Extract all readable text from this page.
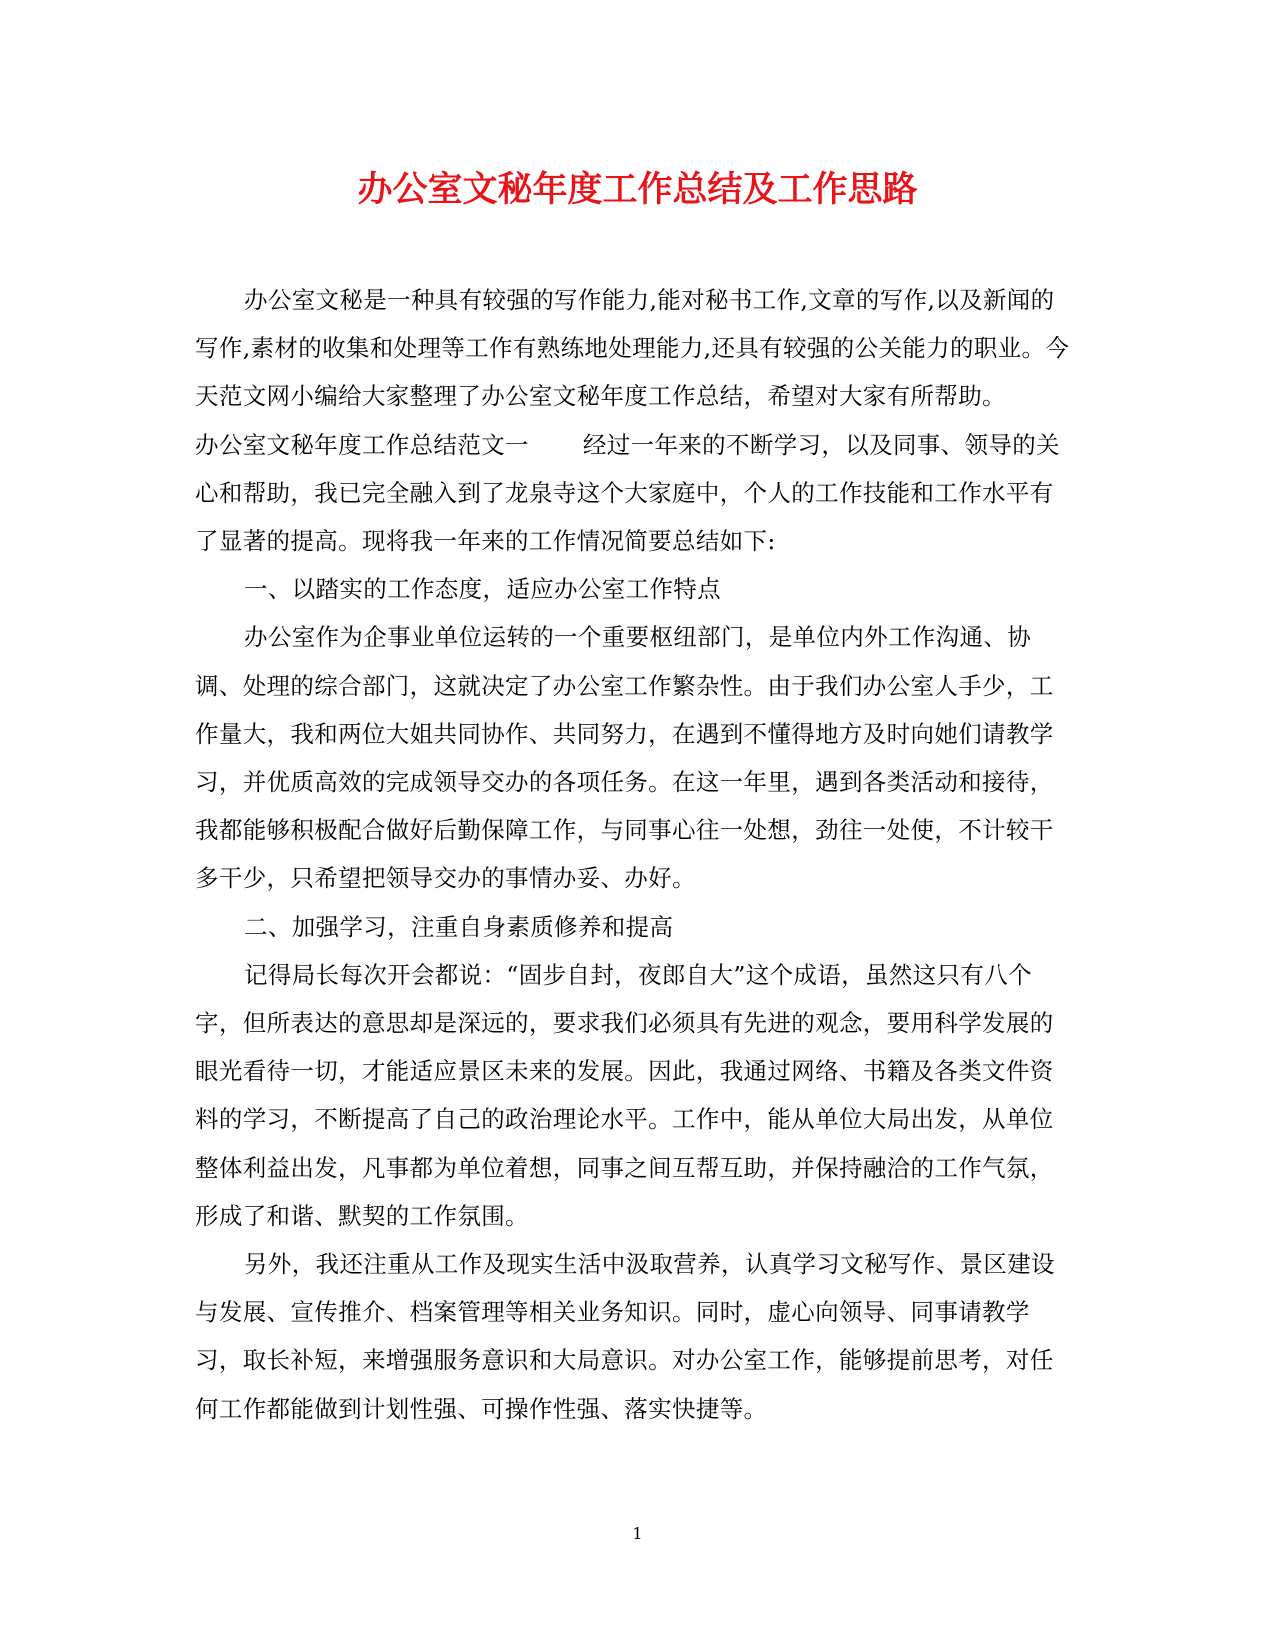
办公室文秘年度工作总结及工作思路

办公室文秘是一种具有较强的写作能力,能对秘书工作,文章的写作,以及新闻的写作,素材的收集和处理等工作有熟练地处理能力,还具有较强的公关能力的职业。今天范文网小编给大家整理了办公室文秘年度工作总结，希望对大家有所帮助。

办公室文秘年度工作总结范文一 经过一年来的不断学习，以及同事、领导的关心和帮助，我已完全融入到了龙泉寺这个大家庭中，个人的工作技能和工作水平有了显著的提高。现将我一年来的工作情况简要总结如下:

一、以踏实的工作态度，适应办公室工作特点

办公室作为企事业单位运转的一个重要枢纽部门，是单位内外工作沟通、协调、处理的综合部门，这就决定了办公室工作繁杂性。由于我们办公室人手少，工作量大，我和两位大姐共同协作、共同努力，在遇到不懂得地方及时向她们请教学习，并优质高效的完成领导交办的各项任务。在这一年里，遇到各类活动和接待，我都能够积极配合做好后勤保障工作，与同事心往一处想，劲往一处使，不计较干多干少，只希望把领导交办的事情办妥、办好。

二、加强学习，注重自身素质修养和提高

记得局长每次开会都说：“固步自封，夜郎自大”这个成语，虽然这只有八个字，但所表达的意思却是深远的，要求我们必须具有先进的观念，要用科学发展的眼光看待一切，才能适应景区未来的发展。因此，我通过网络、书籍及各类文件资料的学习，不断提高了自己的政治理论水平。工作中，能从单位大局出发，从单位整体利益出发，凡事都为单位着想，同事之间互帮互助，并保持融洽的工作气氛，形成了和谐、默契的工作氛围。

另外，我还注重从工作及现实生活中汲取营养，认真学习文秘写作、景区建设与发展、宣传推介、档案管理等相关业务知识。同时，虚心向领导、同事请教学习，取长补短，来增强服务意识和大局意识。对办公室工作，能够提前思考，对任何工作都能做到计划性强、可操作性强、落实快捷等。

1
